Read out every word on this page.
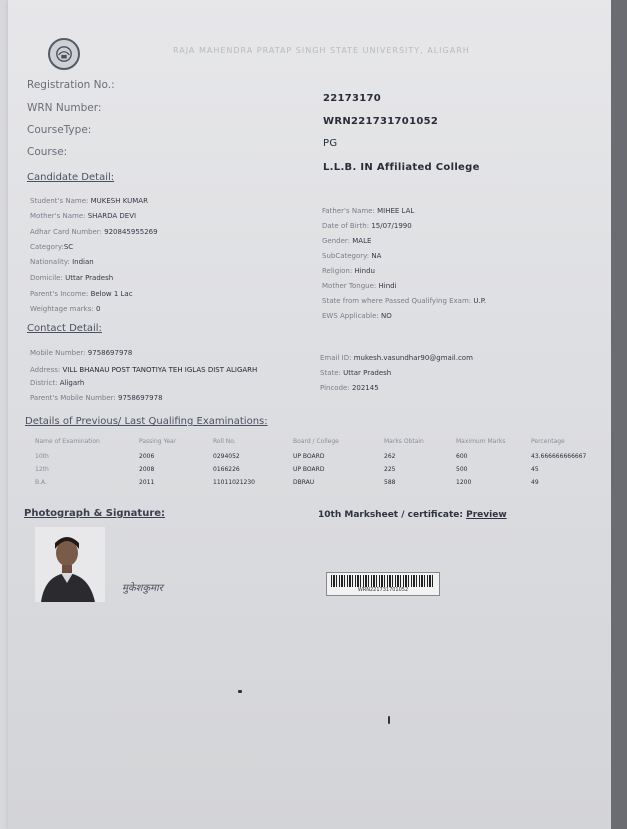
RAJA MAHENDRA PRATAP SINGH STATE UNIVERSITY, ALIGARH
Registration No.:
22173170
WRN Number:
WRN221731701052
CourseType:
PG
Course:
L.L.B. IN Affiliated College
Candidate Detail:
Student's Name: MUKESH KUMAR
Mother's Name: SHARDA DEVI
Adhar Card Number: 920845955269
Category:SC
Nationality: Indian
Domicile: Uttar Pradesh
Parent's Income: Below 1 Lac
Weightage marks: 0
Father's Name: MIHEE LAL
Date of Birth: 15/07/1990
Gender: MALE
SubCategory: NA
Religion: Hindu
Mother Tongue: Hindi
State from where Passed Qualifying Exam: U.P.
EWS Applicable: NO
Contact Detail:
Mobile Number: 9758697978
Address: VILL BHANAU POST TANOTIYA TEH IGLAS DIST ALIGARH
District: Aligarh
Parent's Mobile Number: 9758697978
Email ID: mukesh.vasundhar90@gmail.com
State: Uttar Pradesh
Pincode: 202145
Details of Previous/ Last Qualifing Examinations:
Name of Examination	Passing Year	Roll No.	Board / College	Marks Obtain	Maximum Marks	Percentage
10th	2006	0294052	UP BOARD	262	600	43.666666666667
12th	2008	0166226	UP BOARD	225	500	45
B.A.	2011	11011021230	DBRAU	588	1200	49
Photograph & Signature:	10th Marksheet / certificate: Preview
मुकेशकुमार	WRN221731701052
